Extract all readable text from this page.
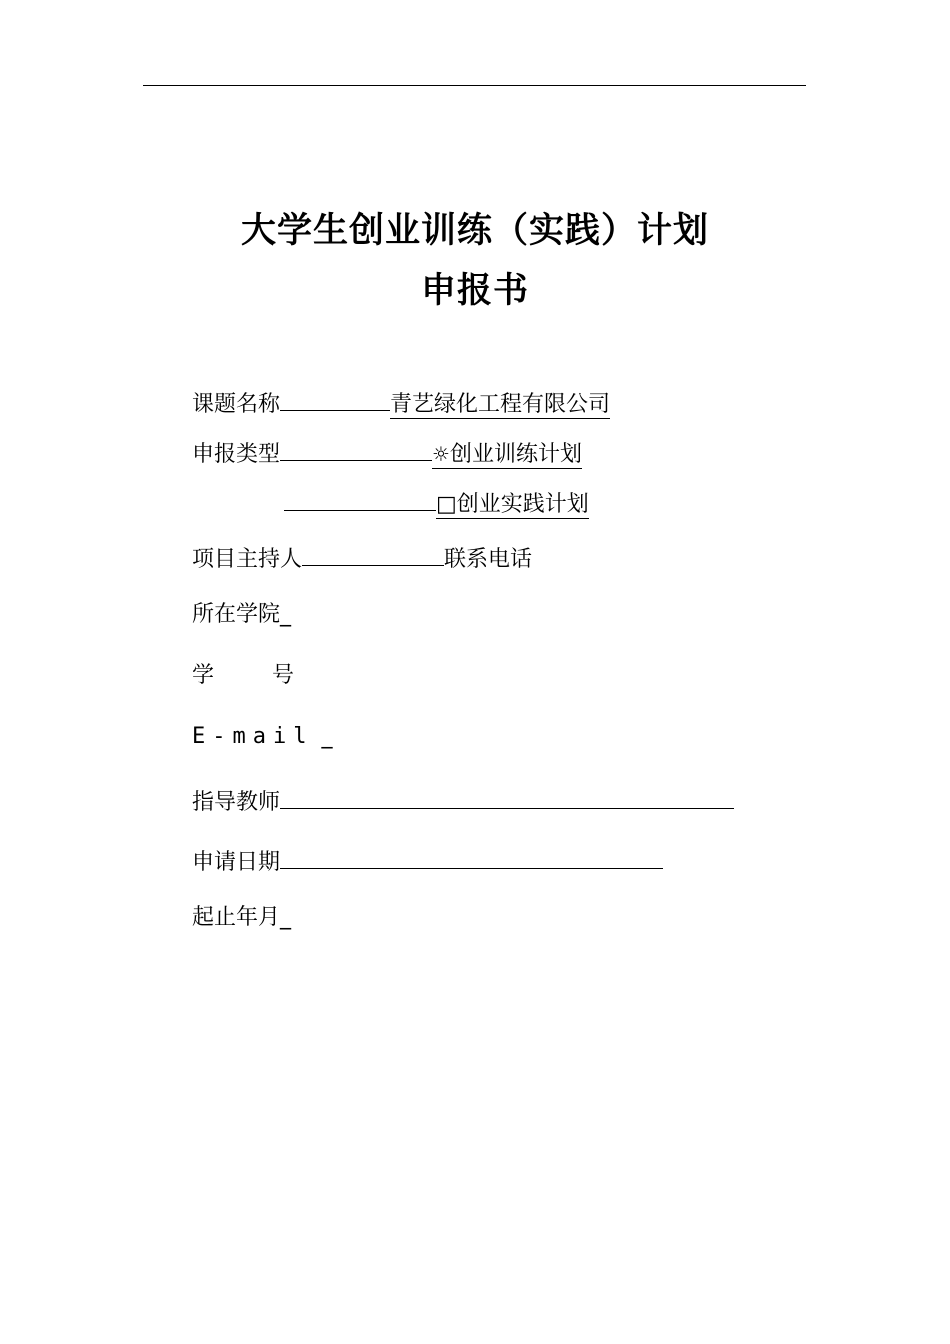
大学生创业训练（实践）计划
申报书
课题名称	青艺绿化工程有限公司
申报类型	☼创业训练计划
□创业实践计划
项目主持人	联系电话
所在学院_
学	号
E-mail _
指导教师
申请日期
起止年月_
